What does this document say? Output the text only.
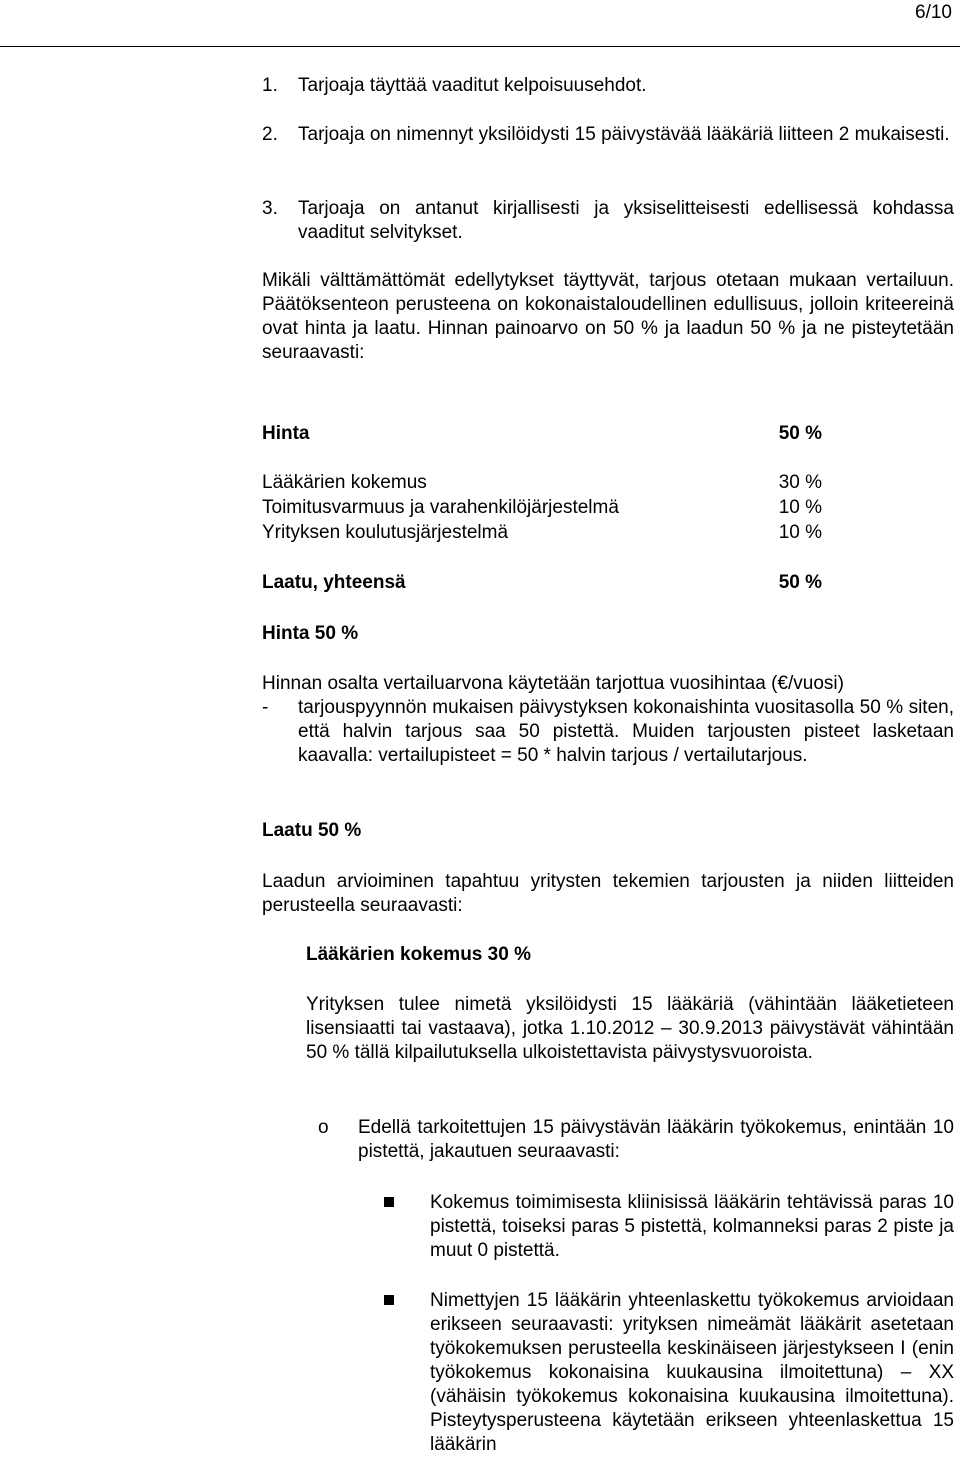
6/10
1. Tarjoaja täyttää vaaditut kelpoisuusehdot.
2. Tarjoaja on nimennyt yksilöidysti 15 päivystävää lääkäriä liitteen 2 mukaisesti.
3. Tarjoaja on antanut kirjallisesti ja yksiselitteisesti edellisessä kohdassa vaaditut selvitykset.
Mikäli välttämättömät edellytykset täyttyvät, tarjous otetaan mukaan vertailuun. Päätöksenteon perusteena on kokonaistaloudellinen edullisuus, jolloin kriteereinä ovat hinta ja laatu. Hinnan painoarvo on 50 % ja laadun 50 % ja ne pisteytetään seuraavasti:
Hinta	50 %
Lääkärien kokemus	30 %
Toimitusvarmuus ja varahenkilöjärjestelmä	10 %
Yrityksen koulutusjärjestelmä	10 %
Laatu, yhteensä	50 %
Hinta 50 %
Hinnan osalta vertailuarvona käytetään tarjottua vuosihintaa (€/vuosi)
- tarjouspyynnön mukaisen päivystyksen kokonaishinta vuositasolla 50 % siten, että halvin tarjous saa 50 pistettä. Muiden tarjousten pisteet lasketaan kaavalla: vertailupisteet = 50 * halvin tarjous / vertailutarjous.
Laatu 50 %
Laadun arvioiminen tapahtuu yritysten tekemien tarjousten ja niiden liitteiden perusteella seuraavasti:
Lääkärien kokemus 30 %
Yrityksen tulee nimetä yksilöidysti 15 lääkäriä (vähintään lääketieteen lisensiaatti tai vastaava), jotka 1.10.2012 – 30.9.2013 päivystävät vähintään 50 % tällä kilpailutuksella ulkoistettavista päivystysvuoroista.
o Edellä tarkoitettujen 15 päivystävän lääkärin työkokemus, enintään 10 pistettä, jakautuen seuraavasti:
Kokemus toimimisesta kliinisissä lääkärin tehtävissä paras 10 pistettä, toiseksi paras 5 pistettä, kolmanneksi paras 2 piste ja muut 0 pistettä.
Nimettyjen 15 lääkärin yhteenlaskettu työkokemus arvioidaan erikseen seuraavasti: yrityksen nimeämät lääkärit asetetaan työkokemuksen perusteella keskinäiseen järjestykseen I (enin työkokemus kokonaisina kuukausina ilmoitettuna) – XX (vähäisin työkokemus kokonaisina kuukausina ilmoitettuna). Pisteytysperusteena käytetään erikseen yhteenlaskettua 15 lääkärin
